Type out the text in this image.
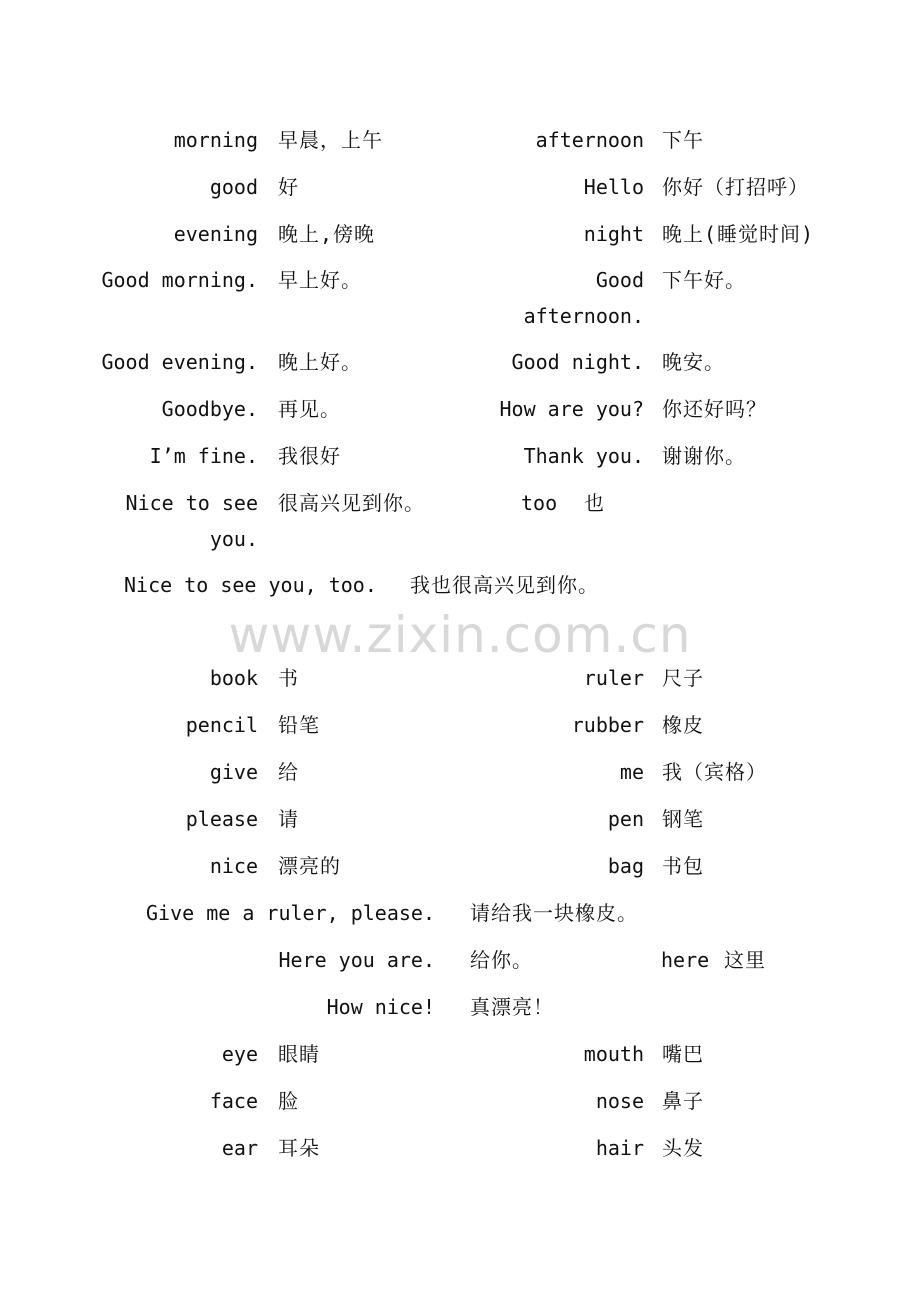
morning 早晨，上午
good 好
evening 晚上,傍晚
Good morning. 早上好。
Good evening. 晚上好。
Goodbye. 再见。
I’m fine. 我很好
Nice to see you.
很高兴见到你。
afternoon 下午
Hello 你好（打招呼）
night 晚上(睡觉时间)
Good afternoon.
下午好。
Good night. 晚安。
How are you? 你还好吗？
Thank you. 谢谢你。
too 也
Nice to see you, too. 我也很高兴见到你。
www.zixin.com.cn
book 书
pencil 铅笔
give 给
please 请
nice 漂亮的
ruler 尺子
rubber 橡皮
me 我（宾格）
pen 钢笔
bag 书包
Give me a ruler, please. 请给我一块橡皮。
Here you are. 给你。	here 这里
How nice! 真漂亮！
eye 眼睛
face 脸
ear 耳朵
mouth 嘴巴
nose 鼻子
hair 头发
